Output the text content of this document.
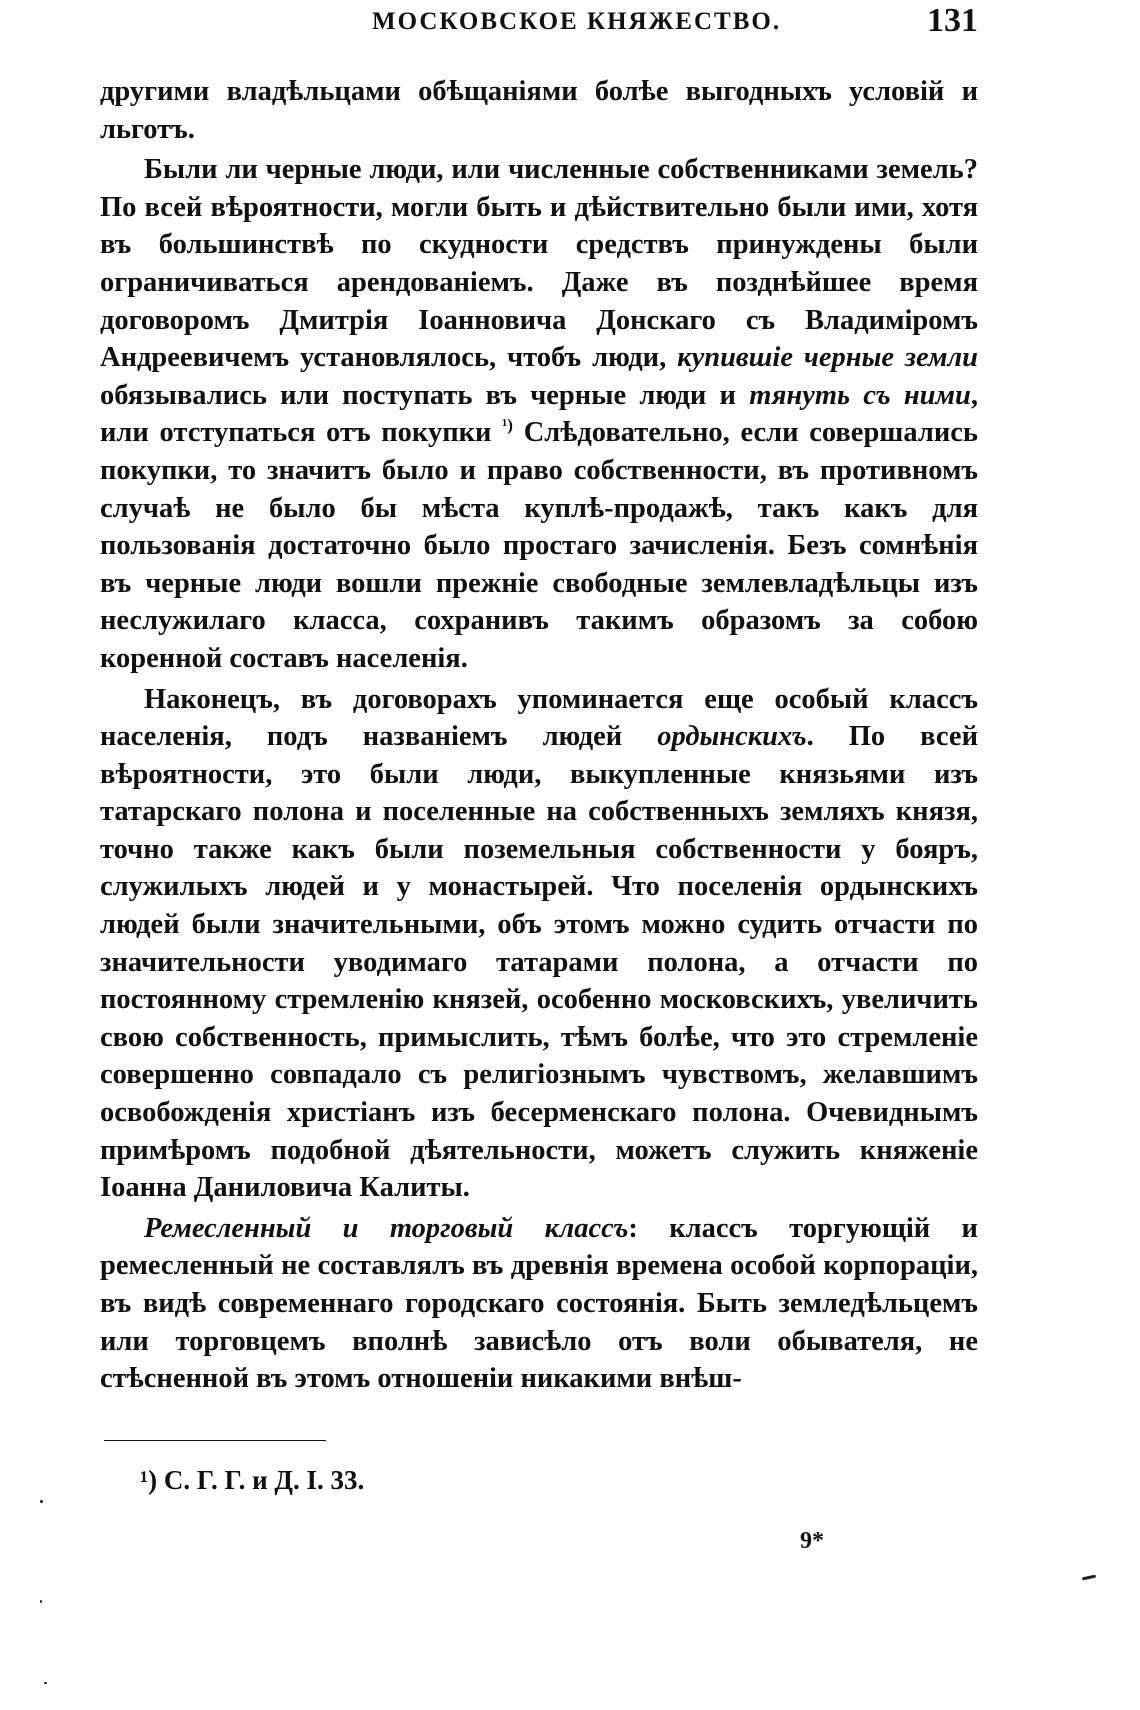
МОСКОВСКОЕ КНЯЖЕСТВО.	131

другими владѣльцами обѣщаніями болѣе выгодныхъ условій и льготъ.

Были ли черные люди, или численные собственниками земель? По всей вѣроятности, могли быть и дѣйствительно были ими, хотя въ большинствѣ по скудности средствъ принуждены были ограничиваться арендованіемъ. Даже въ позднѣйшее время договоромъ Дмитрія Іоанновича Донскаго съ Владиміромъ Андреевичемъ установлялось, чтобъ люди, купившіе черные земли обязывались или поступать въ черные люди и тянуть съ ними, или отступаться отъ покупки $^{^1)}$ Слѣдовательно, если совершались покупки, то значитъ было и право собственности, въ противномъ случаѣ не было бы мѣста куплѣ-продажѣ, такъ какъ для пользованія достаточно было простаго зачисленія. Безъ сомнѣнія въ черные люди вошли прежніе свободные землевладѣльцы изъ неслужилаго класса, сохранивъ такимъ образомъ за собою коренной составъ населенія.

Наконецъ, въ договорахъ упоминается еще особый классъ населенія, подъ названіемъ людей ордынскихъ. По всей вѣроятности, это были люди, выкупленные князьями изъ татарскаго полона и поселенные на собственныхъ земляхъ князя, точно также какъ были поземельныя собственности у бояръ, служилыхъ людей и у монастырей. Что поселенія ордынскихъ людей были значительными, объ этомъ можно судить отчасти по значительности уводимаго татарами полона, а отчасти по постоянному стремленію князей, особенно московскихъ, увеличить свою собственность, примыслить, тѣмъ болѣе, что это стремленіе совершенно совпадало съ религіознымъ чувствомъ, желавшимъ освобожденія христіанъ изъ бесерменскаго полона. Очевиднымъ примѣромъ подобной дѣятельности, можетъ служить княженіе Іоанна Даниловича Калиты.

Ремесленный и торговый классъ: классъ торгующій и ремесленный не составлялъ въ древнія времена особой корпораціи, въ видѣ современнаго городскаго состоянія. Быть земледѣльцемъ или торговцемъ вполнѣ зависѣло отъ воли обывателя, не стѣсненной въ этомъ отношеніи никакими внѣш-

¹) С. Г. Г. и Д. I. 33.
9*
